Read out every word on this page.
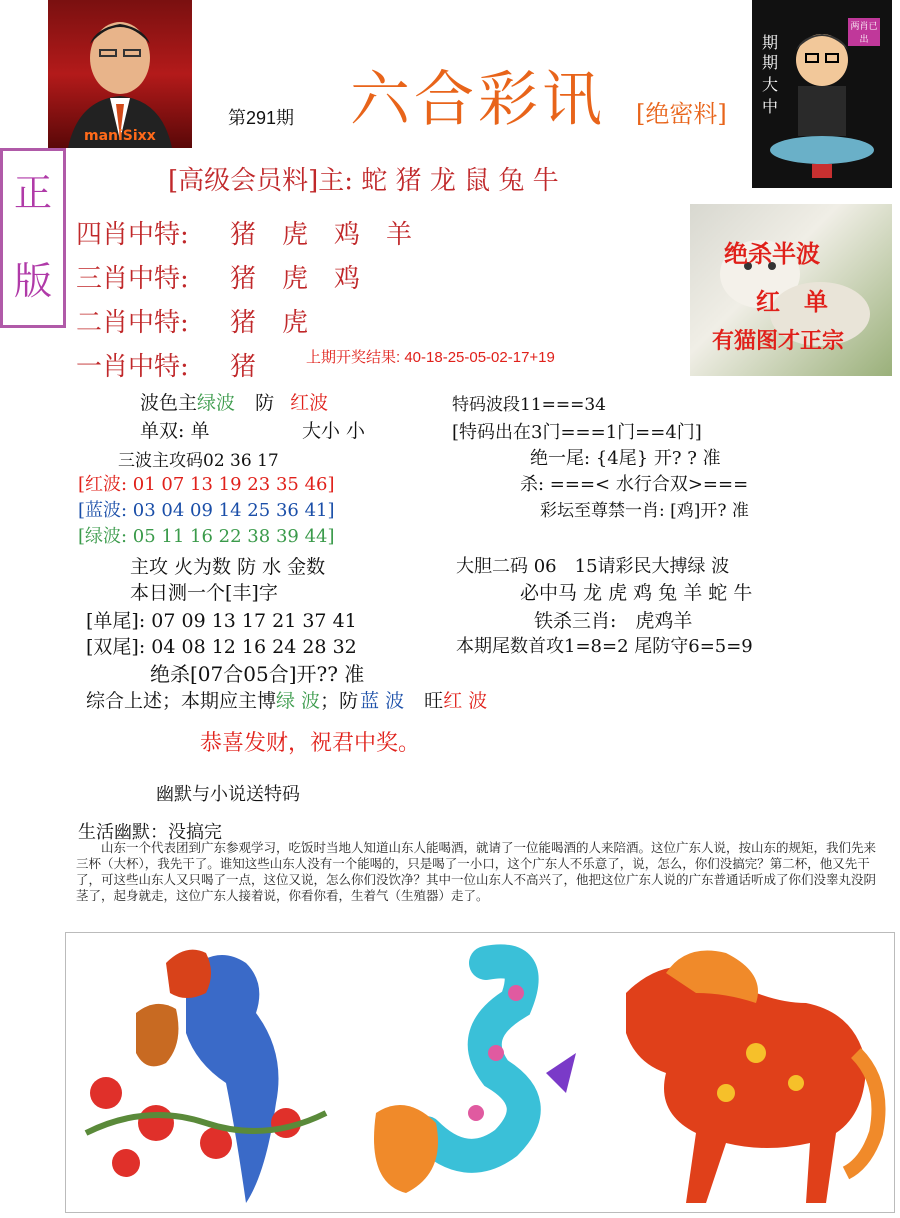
maniSixx
第291期 六合彩讯 [绝密料]
期
期
大
中
两肖已出
正
版
[高级会员料]主: 蛇 猪 龙 鼠 兔 牛
四肖中特: 猪　虎　鸡　羊
三肖中特: 猪　虎　鸡
二肖中特: 猪　虎
一肖中特: 猪	上期开奖结果: 40-18-25-05-02-17+19
绝杀半波
红　单
有猫图才正宗
波色主绿波 防 红波
单双: 单	大小 小
三波主攻码02 36 17
[红波: 01 07 13 19 23 35 46]
[蓝波: 03 04 09 14 25 36 41]
[绿波: 05 11 16 22 38 39 44]
主攻 火为数 防 水 金数
本日测一个[丰]字
[单尾]: 07 09 13 17 21 37 41
[双尾]: 04 08 12 16 24 28 32
绝杀[07合05合]开?? 准
特码波段11===34
[特码出在3门===1门==4门]
绝一尾: {4尾} 开? ? 准
杀: ===< 水行合双>===
彩坛至尊禁一肖: [鸡]开? 准
大胆二码 06　15请彩民大搏绿 波
必中马 龙 虎 鸡 兔 羊 蛇 牛
铁杀三肖:　虎鸡羊
本期尾数首攻1=8=2 尾防守6=5=9
综合上述；本期应主博绿 波；防 蓝 波 旺红 波
恭喜发财，祝君中奖。
幽默与小说送特码
生活幽默：没搞完
山东一个代表团到广东参观学习，吃饭时当地人知道山东人能喝酒，就请了一位能喝酒的人来陪酒。这位广东人说，按山东的规矩，我们先来三杯（大杯），我先干了。谁知这些山东人没有一个能喝的，只是喝了一小口，这个广东人不乐意了，说，怎么，你们没搞完？第二杯，他又先干了，可这些山东人又只喝了一点，这位又说，怎么你们没饮净？其中一位山东人不高兴了，他把这位广东人说的广东普通话听成了你们没睾丸没阴茎了，起身就走，这位广东人接着说，你看你看，生着气（生殖器）走了。
